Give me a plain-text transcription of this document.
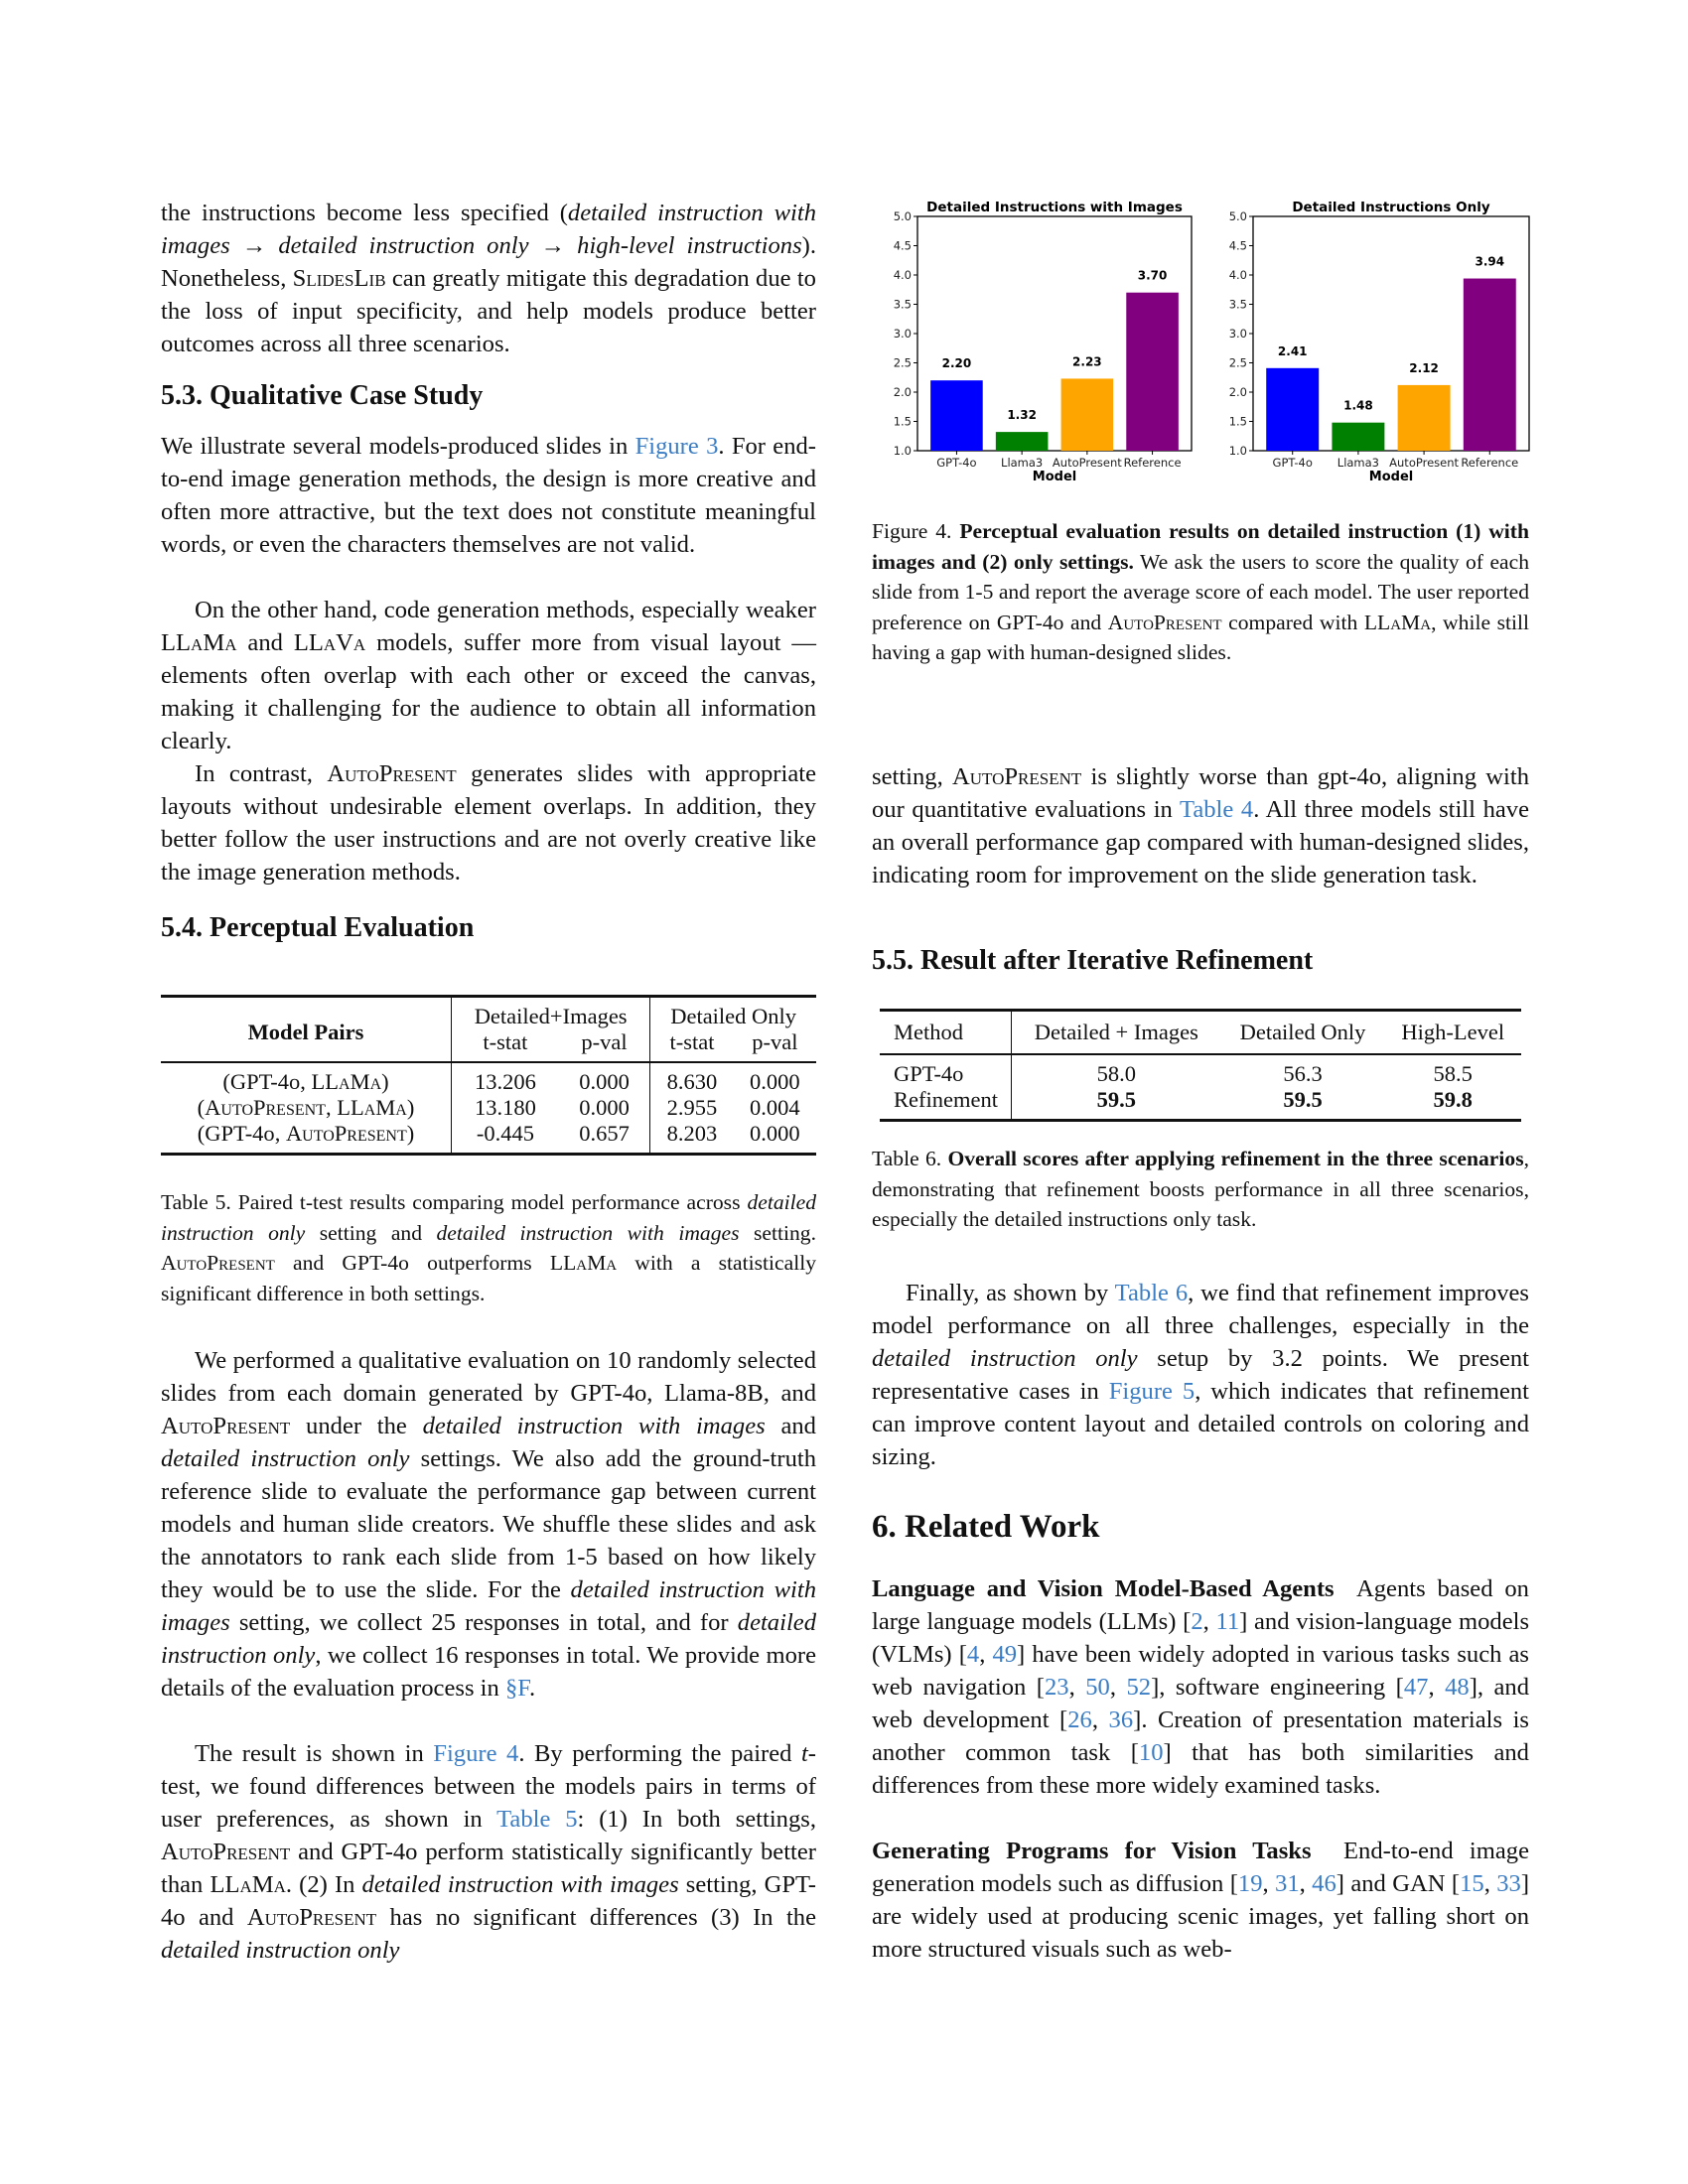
the instructions become less specified (detailed instruction with images → detailed instruction only → high-level instructions). Nonetheless, SlidesLib can greatly mitigate this degradation due to the loss of input specificity, and help models produce better outcomes across all three scenarios.

5.3. Qualitative Case Study

We illustrate several models-produced slides in Figure 3. For end-to-end image generation methods, the design is more creative and often more attractive, but the text does not constitute meaningful words, or even the characters themselves are not valid.

On the other hand, code generation methods, especially weaker LLaMa and LLaVa models, suffer more from visual layout — elements often overlap with each other or exceed the canvas, making it challenging for the audience to obtain all information clearly.

In contrast, AutoPresent generates slides with appropriate layouts without undesirable element overlaps. In addition, they better follow the user instructions and are not overly creative like the image generation methods.

5.4. Perceptual Evaluation
Model Pairs	Detailed+Images		Detailed Only	
	t-stat	p-val	t-stat	p-val
(GPT-4o, LLaMa)	13.206	0.000	8.630	0.000
(AutoPresent, LLaMa)	13.180	0.000	2.955	0.004
(GPT-4o, AutoPresent)	-0.445	0.657	8.203	0.000

Table 5. Paired t-test results comparing model performance across detailed instruction only setting and detailed instruction with images setting. AutoPresent and GPT-4o outperforms LLaMa with a statistically significant difference in both settings.

We performed a qualitative evaluation on 10 randomly selected slides from each domain generated by GPT-4o, Llama-8B, and AutoPresent under the detailed instruction with images and detailed instruction only settings. We also add the ground-truth reference slide to evaluate the performance gap between current models and human slide creators. We shuffle these slides and ask the annotators to rank each slide from 1-5 based on how likely they would be to use the slide. For the detailed instruction with images setting, we collect 25 responses in total, and for detailed instruction only, we collect 16 responses in total. We provide more details of the evaluation process in §F.

The result is shown in Figure 4. By performing the paired t-test, we found differences between the models pairs in terms of user preferences, as shown in Table 5: (1) In both settings, AutoPresent and GPT-4o perform statistically significantly better than LLaMa. (2) In detailed instruction with images setting, GPT-4o and AutoPresent has no significant differences (3) In the detailed instruction only

Detailed Instructions with Images
1.0
1.5
2.0
2.5
3.0
3.5
4.0
4.5
5.0
2.20
GPT-4o
1.32
Llama3
2.23
AutoPresent
3.70
Reference
Model
Detailed Instructions Only
1.0
1.5
2.0
2.5
3.0
3.5
4.0
4.5
5.0
2.41
GPT-4o
1.48
Llama3
2.12
AutoPresent
3.94
Reference
Model

Figure 4. Perceptual evaluation results on detailed instruction (1) with images and (2) only settings. We ask the users to score the quality of each slide from 1-5 and report the average score of each model. The user reported preference on GPT-4o and AutoPresent compared with LLaMa, while still having a gap with human-designed slides.

setting, AutoPresent is slightly worse than gpt-4o, aligning with our quantitative evaluations in Table 4. All three models still have an overall performance gap compared with human-designed slides, indicating room for improvement on the slide generation task.

5.5. Result after Iterative Refinement
Method	Detailed + Images	Detailed Only	High-Level
GPT-4o	58.0	56.3	58.5
Refinement	59.5	59.5	59.8

Table 6. Overall scores after applying refinement in the three scenarios, demonstrating that refinement boosts performance in all three scenarios, especially the detailed instructions only task.

Finally, as shown by Table 6, we find that refinement improves model performance on all three challenges, especially in the detailed instruction only setup by 3.2 points. We present representative cases in Figure 5, which indicates that refinement can improve content layout and detailed controls on coloring and sizing.

6. Related Work

Language and Vision Model-Based Agents  Agents based on large language models (LLMs) [2, 11] and vision-language models (VLMs) [4, 49] have been widely adopted in various tasks such as web navigation [23, 50, 52], software engineering [47, 48], and web development [26, 36]. Creation of presentation materials is another common task [10] that has both similarities and differences from these more widely examined tasks.

Generating Programs for Vision Tasks  End-to-end image generation models such as diffusion [19, 31, 46] and GAN [15, 33] are widely used at producing scenic images, yet falling short on more structured visuals such as web-
